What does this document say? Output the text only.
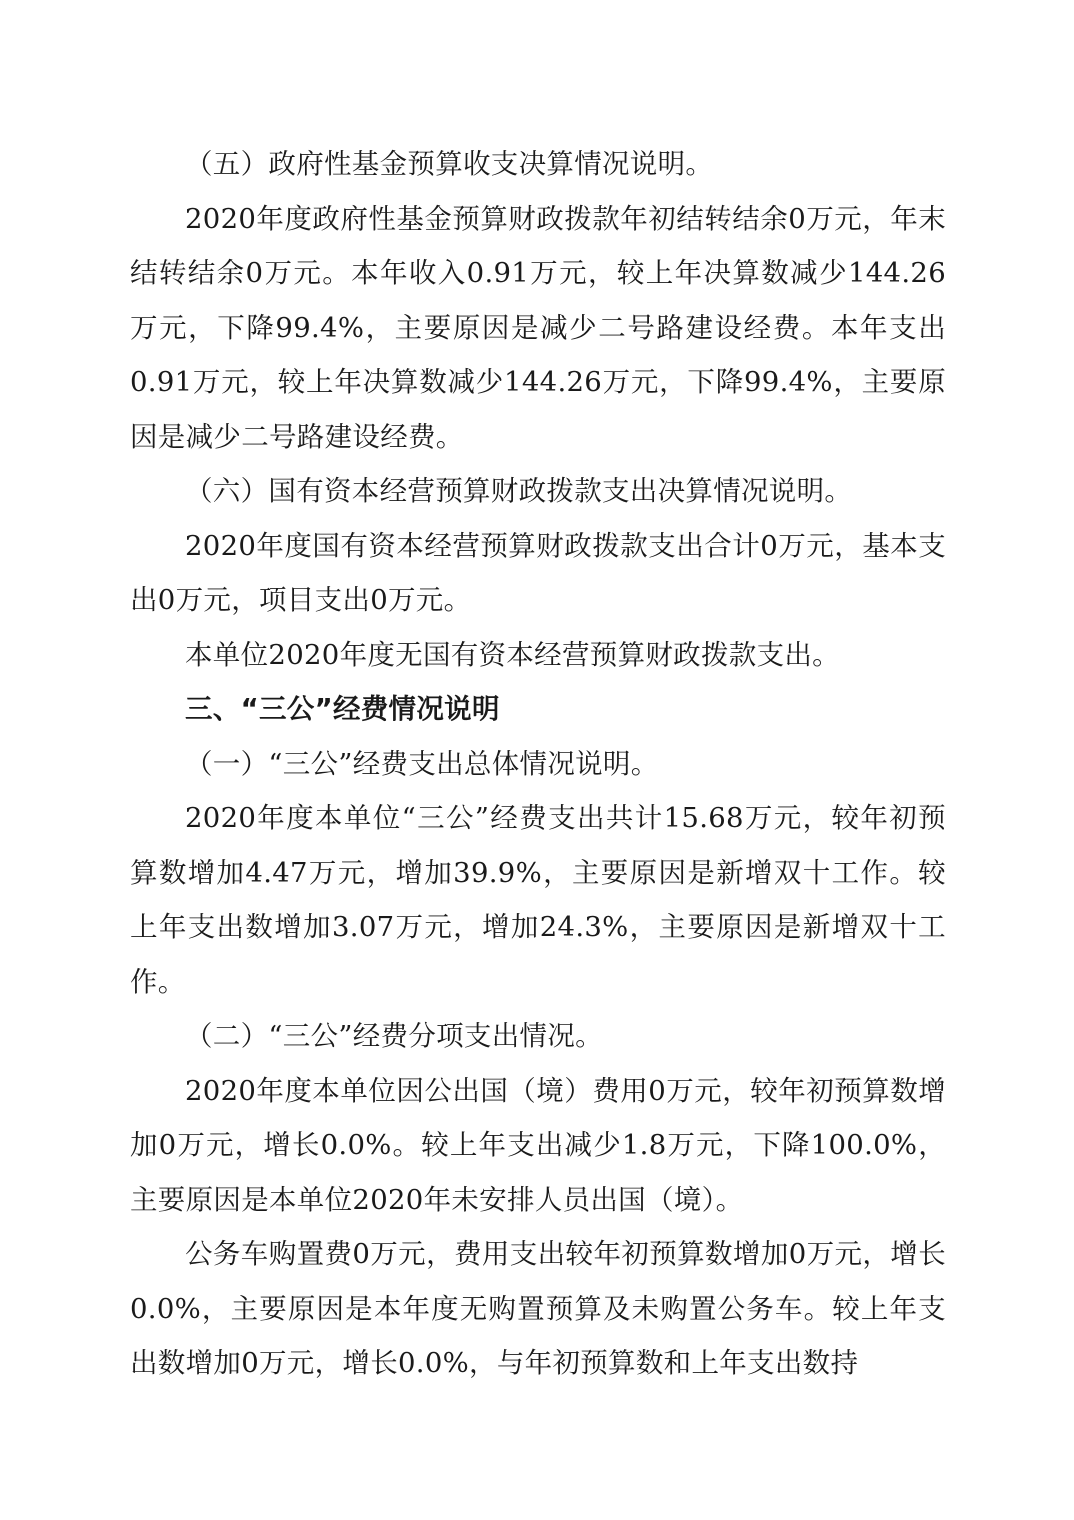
（五）政府性基金预算收支决算情况说明。

2020年度政府性基金预算财政拨款年初结转结余0万元，年末结转结余0万元。本年收入0.91万元，较上年决算数减少144.26万元，下降99.4%，主要原因是减少二号路建设经费。本年支出0.91万元，较上年决算数减少144.26万元，下降99.4%，主要原因是减少二号路建设经费。

（六）国有资本经营预算财政拨款支出决算情况说明。

2020年度国有资本经营预算财政拨款支出合计0万元，基本支出0万元，项目支出0万元。

本单位2020年度无国有资本经营预算财政拨款支出。

三、“三公”经费情况说明

（一）“三公”经费支出总体情况说明。

2020年度本单位“三公”经费支出共计15.68万元，较年初预算数增加4.47万元，增加39.9%，主要原因是新增双十工作。较上年支出数增加3.07万元，增加24.3%，主要原因是新增双十工作。

（二）“三公”经费分项支出情况。

2020年度本单位因公出国（境）费用0万元，较年初预算数增加0万元，增长0.0%。较上年支出减少1.8万元，下降100.0%，主要原因是本单位2020年未安排人员出国（境）。

公务车购置费0万元，费用支出较年初预算数增加0万元，增长0.0%，主要原因是本年度无购置预算及未购置公务车。较上年支出数增加0万元，增长0.0%，与年初预算数和上年支出数持
